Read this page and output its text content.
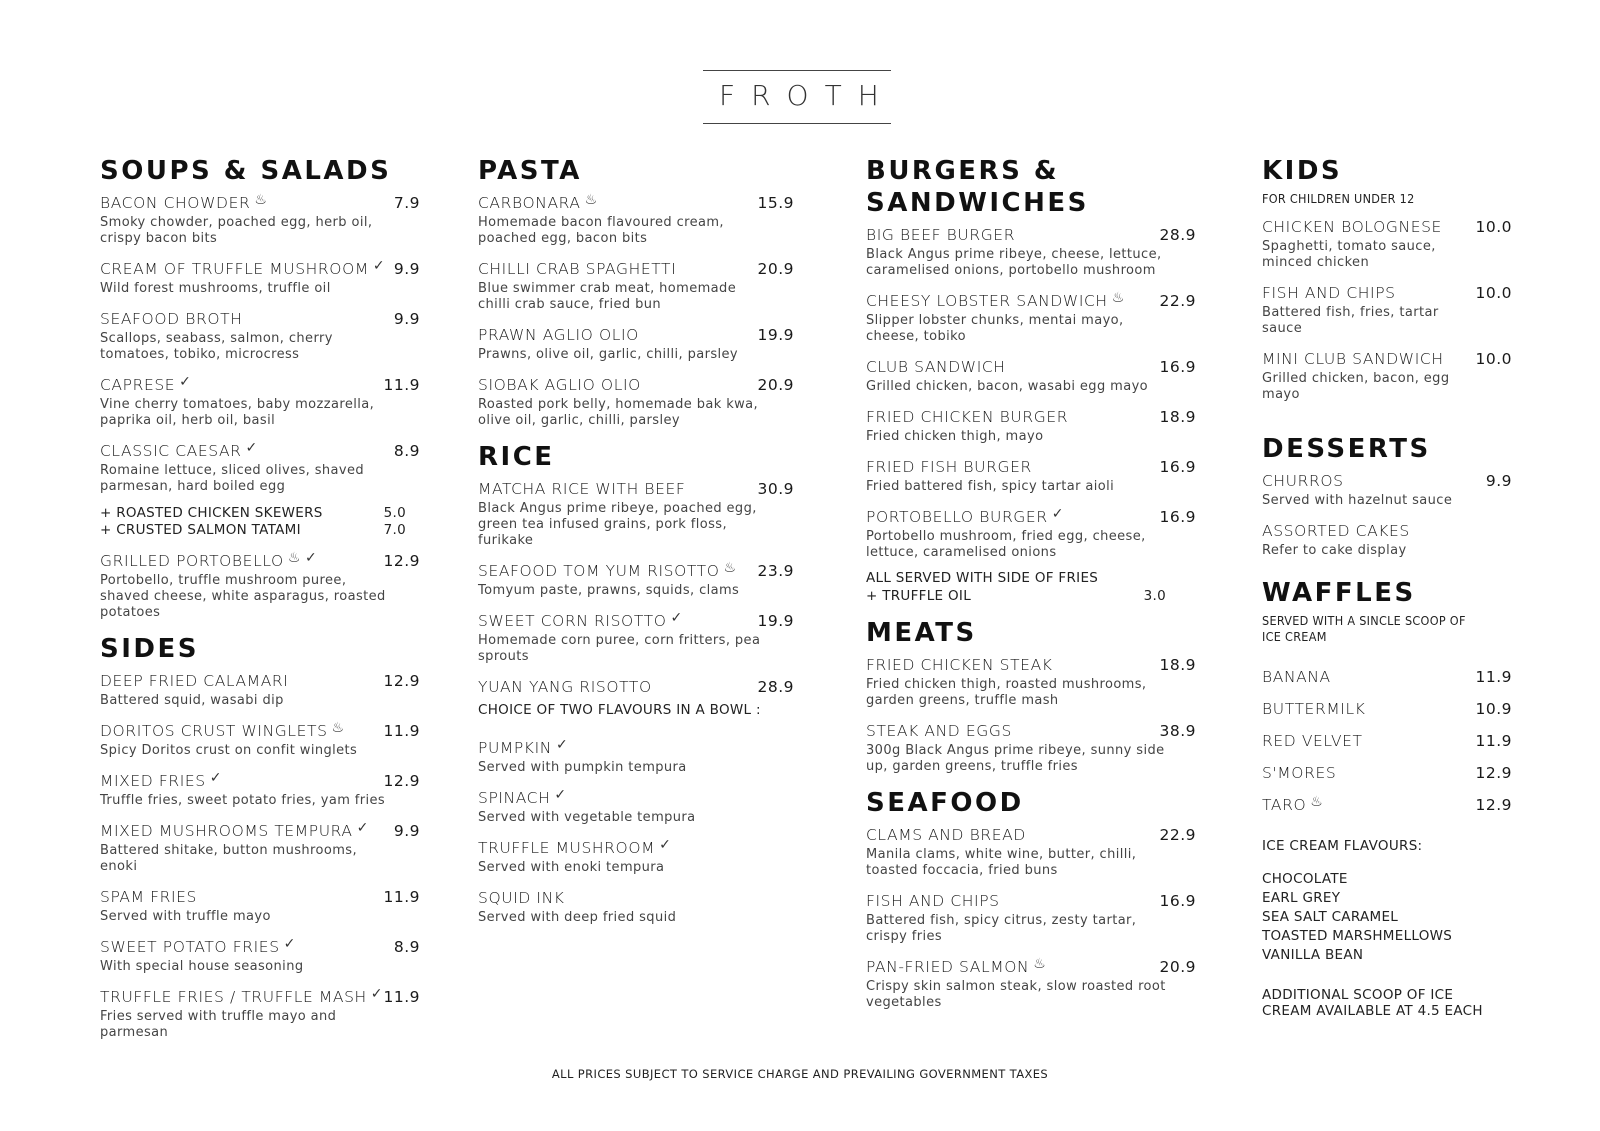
FROTH
SOUPS & SALADS
BACON CHOWDER ♨	7.9
Smoky chowder, poached egg, herb oil, crispy bacon bits
CREAM OF TRUFFLE MUSHROOM✓	9.9
Wild forest mushrooms, truffle oil
SEAFOOD BROTH	9.9
Scallops, seabass, salmon, cherry tomatoes, tobiko, microcress
CAPRESE ✓	11.9
Vine cherry tomatoes, baby mozzarella, paprika oil, herb oil, basil
CLASSIC CAESAR ✓	8.9
Romaine lettuce, sliced olives, shaved parmesan, hard boiled egg
+ ROASTED CHICKEN SKEWERS	5.0
+ CRUSTED SALMON TATAMI	7.0
GRILLED PORTOBELLO ♨ ✓	12.9
Portobello, truffle mushroom puree, shaved cheese, white asparagus, roasted potatoes
SIDES
DEEP FRIED CALAMARI	12.9
Battered squid, wasabi dip
DORITOS CRUST WINGLETS ♨	11.9
Spicy Doritos crust on confit winglets
MIXED FRIES ✓	12.9
Truffle fries, sweet potato fries, yam fries
MIXED MUSHROOMS TEMPURA ✓	9.9
Battered shitake, button mushrooms, enoki
SPAM FRIES	11.9
Served with truffle mayo
SWEET POTATO FRIES ✓	8.9
With special house seasoning
TRUFFLE FRIES / TRUFFLE MASH✓	11.9
Fries served with truffle mayo and parmesan
PASTA
CARBONARA ♨	15.9
Homemade bacon flavoured cream, poached egg, bacon bits
CHILLI CRAB SPAGHETTI	20.9
Blue swimmer crab meat, homemade chilli crab sauce, fried bun
PRAWN AGLIO OLIO	19.9
Prawns, olive oil, garlic, chilli, parsley
SIOBAK AGLIO OLIO	20.9
Roasted pork belly, homemade bak kwa, olive oil, garlic, chilli, parsley
RICE
MATCHA RICE WITH BEEF	30.9
Black Angus prime ribeye, poached egg, green tea infused grains, pork floss, furikake
SEAFOOD TOM YUM RISOTTO ♨	23.9
Tomyum paste, prawns, squids, clams
SWEET CORN RISOTTO ✓	19.9
Homemade corn puree, corn fritters, pea sprouts
YUAN YANG RISOTTO	28.9
CHOICE OF TWO FLAVOURS IN A BOWL :
PUMPKIN✓
Served with pumpkin tempura
SPINACH✓
Served with vegetable tempura
TRUFFLE MUSHROOM✓
Served with enoki tempura
SQUID INK
Served with deep fried squid
BURGERS & SANDWICHES
BIG BEEF BURGER	28.9
Black Angus prime ribeye, cheese, lettuce, caramelised onions, portobello mushroom
CHEESY LOBSTER SANDWICH ♨	22.9
Slipper lobster chunks, mentai mayo, cheese, tobiko
CLUB SANDWICH	16.9
Grilled chicken, bacon, wasabi egg mayo
FRIED CHICKEN BURGER	18.9
Fried chicken thigh, mayo
FRIED FISH BURGER	16.9
Fried battered fish, spicy tartar aioli
PORTOBELLO BURGER ✓	16.9
Portobello mushroom, fried egg, cheese, lettuce, caramelised onions
ALL SERVED WITH SIDE OF FRIES
+ TRUFFLE OIL	3.0
MEATS
FRIED CHICKEN STEAK	18.9
Fried chicken thigh, roasted mushrooms, garden greens, truffle mash
STEAK AND EGGS	38.9
300g Black Angus prime ribeye, sunny side up, garden greens, truffle fries
SEAFOOD
CLAMS AND BREAD	22.9
Manila clams, white wine, butter, chilli, toasted foccacia, fried buns
FISH AND CHIPS	16.9
Battered fish, spicy citrus, zesty tartar, crispy fries
PAN-FRIED SALMON ♨	20.9
Crispy skin salmon steak, slow roasted root vegetables
KIDS
FOR CHILDREN UNDER 12
CHICKEN BOLOGNESE 10.0
Spaghetti, tomato sauce, minced chicken
FISH AND CHIPS	10.0
Battered fish, fries, tartar sauce
MINI CLUB SANDWICH 10.0
Grilled chicken, bacon, egg mayo
DESSERTS
CHURROS	9.9
Served with hazelnut sauce
ASSORTED CAKES
Refer to cake display
WAFFLES
SERVED WITH A SINCLE SCOOP OF ICE CREAM
BANANA	11.9
BUTTERMILK	10.9
RED VELVET	11.9
S'MORES	12.9
TARO ♨	12.9
ICE CREAM FLAVOURS:
CHOCOLATE
EARL GREY
SEA SALT CARAMEL
TOASTED MARSHMELLOWS
VANILLA BEAN
ADDITIONAL SCOOP OF ICE CREAM AVAILABLE AT 4.5 EACH
ALL PRICES SUBJECT TO SERVICE CHARGE AND PREVAILING GOVERNMENT TAXES
